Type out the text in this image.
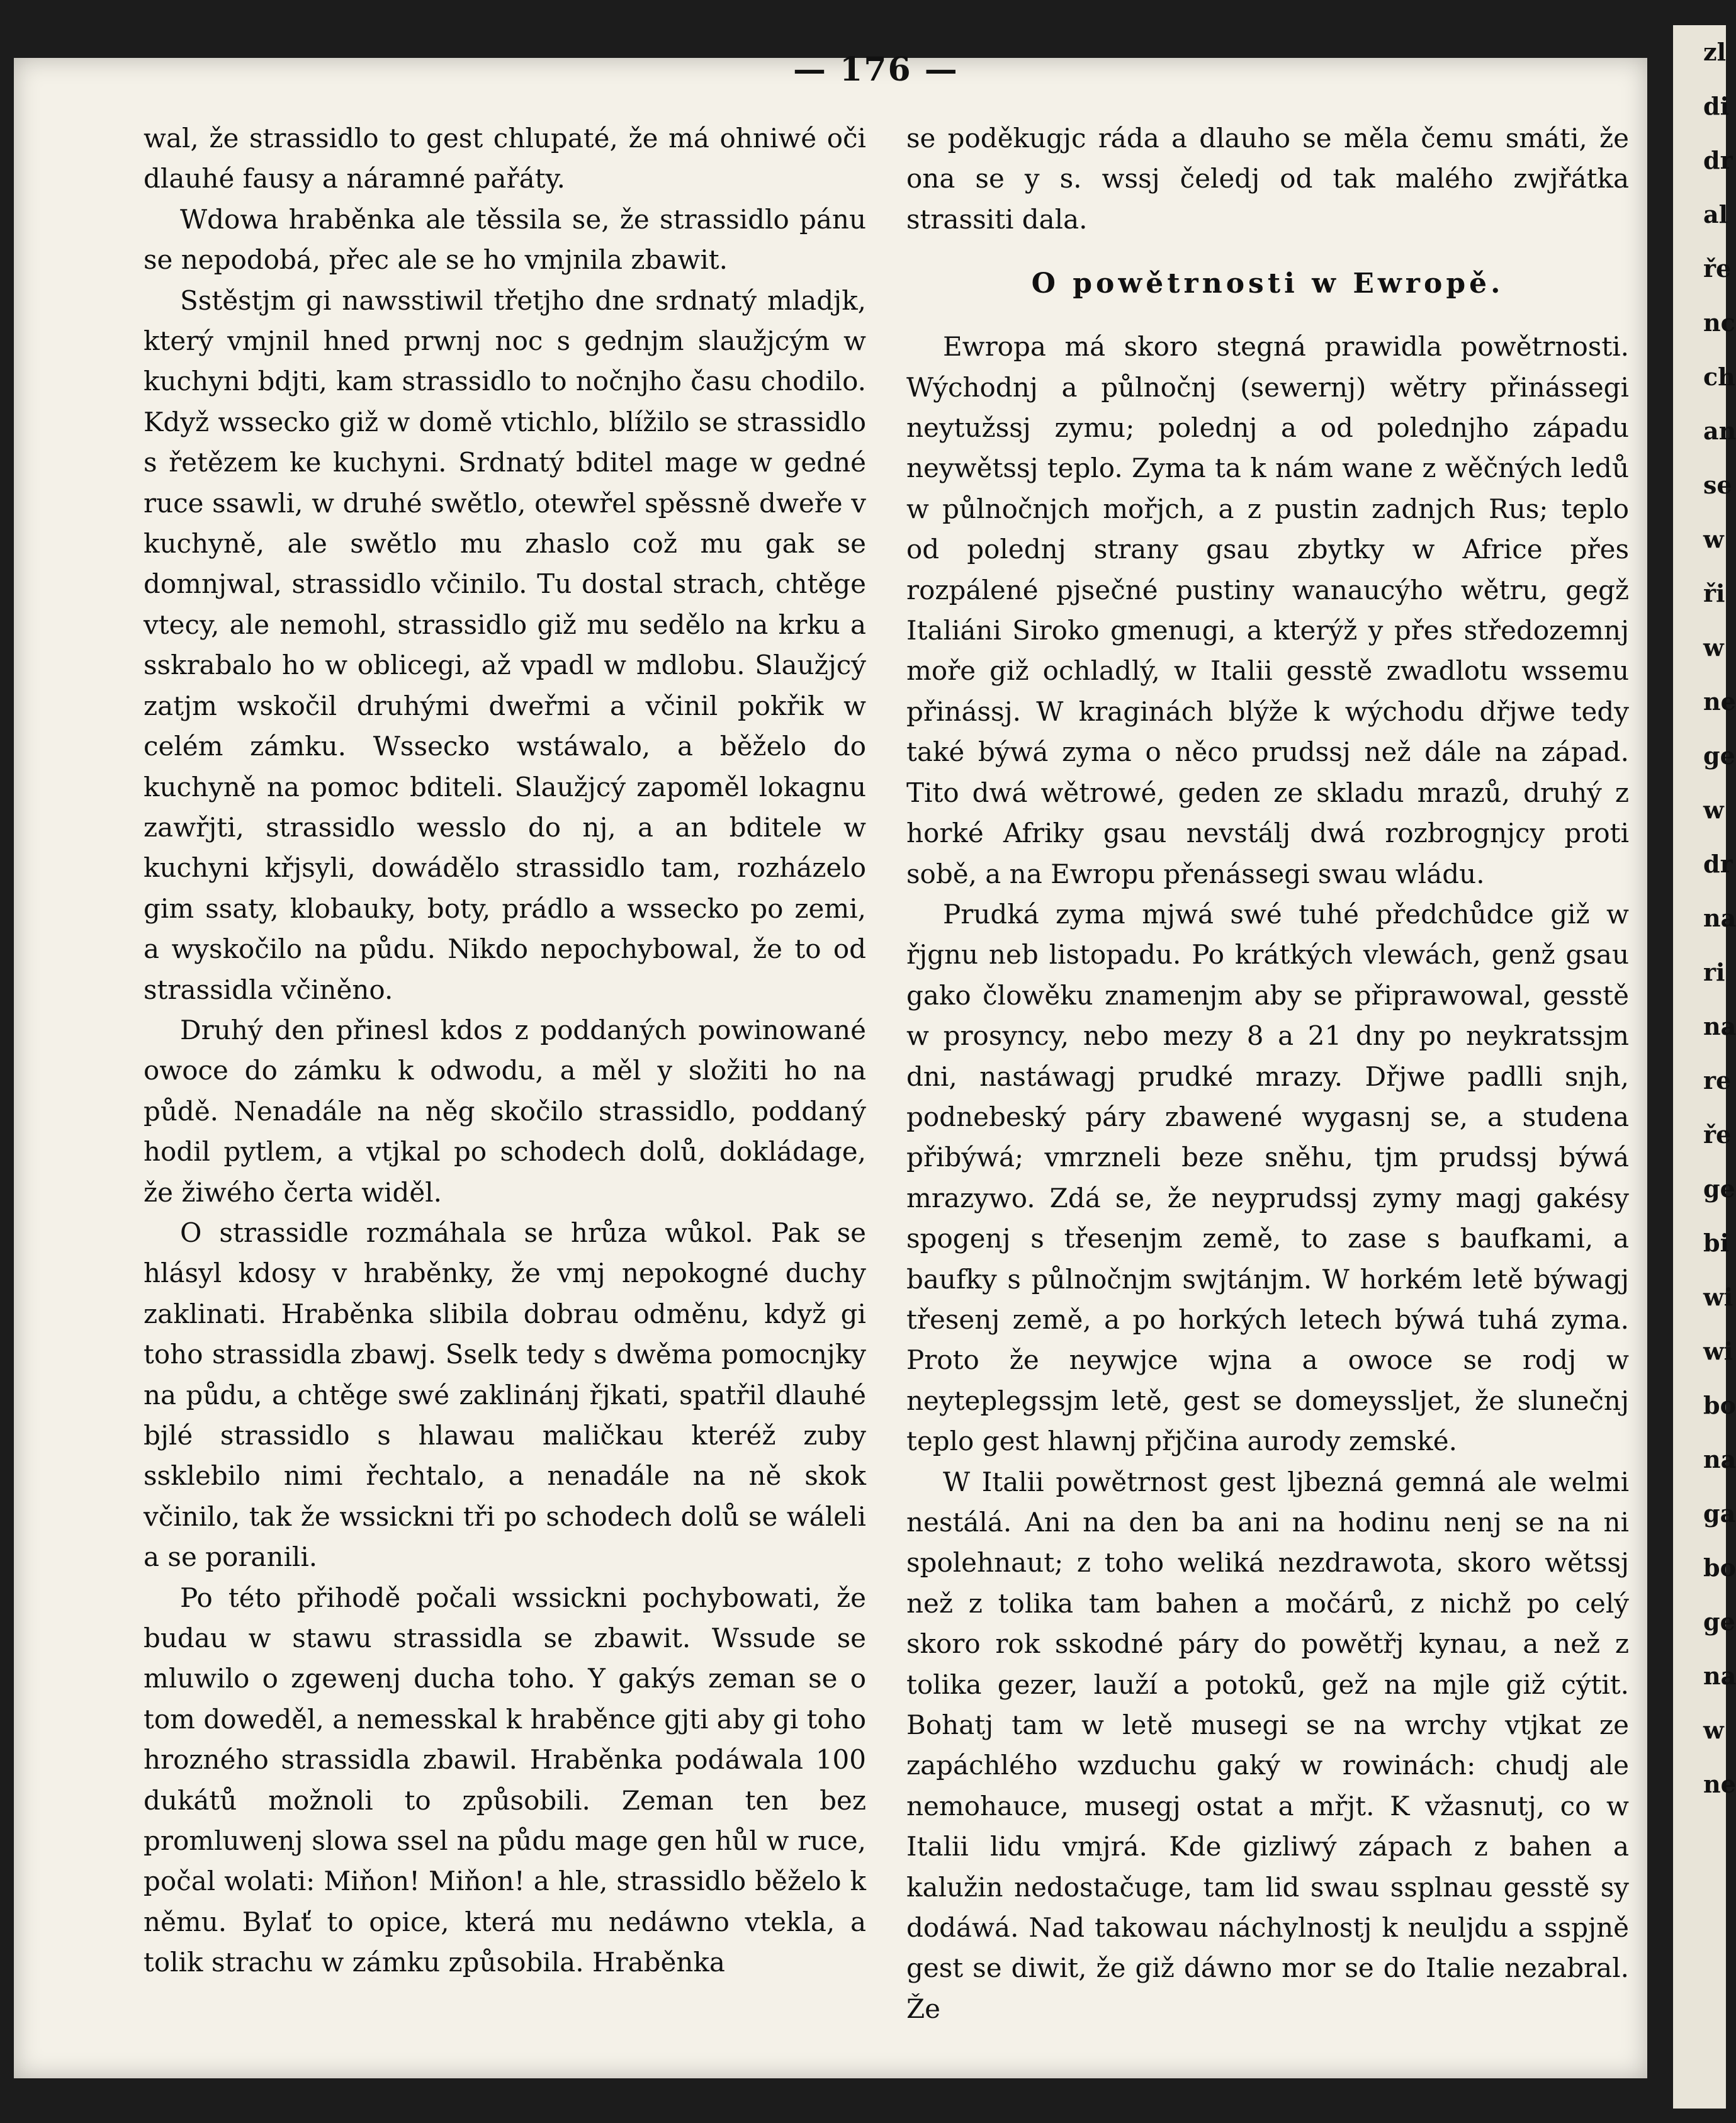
zl
di
dr
al
ře
nc
ch
an
se
w
ři
w
ne
ge
w
dr
na
ri
na
re
ře
ge
bi
wi
wi
bo
na
ga
bo
ge
na
w
ne
— 176 —

wal, že strassidlo to gest chlupaté, že má ohniwé oči dlauhé fausy a náramné pařáty.

Wdowa hraběnka ale těssila se, že strassidlo pánu se nepodobá, přec ale se ho vmjnila zbawit.

Sstěstjm gi nawsstiwil třetjho dne srdnatý mladjk, který vmjnil hned prwnj noc s gednjm slaužjcým w kuchyni bdjti, kam strassidlo to nočnjho času chodilo. Když wssecko giž w domě vtichlo, blížilo se strassidlo s řetězem ke kuchyni. Srdnatý bditel mage w gedné ruce ssawli, w druhé swětlo, otewřel spěssně dweře v kuchyně, ale swětlo mu zhaslo což mu gak se domnjwal, strassidlo včinilo. Tu dostal strach, chtěge vtecy, ale nemohl, strassidlo giž mu sedělo na krku a sskrabalo ho w oblicegi, až vpadl w mdlobu. Slaužjcý zatjm wskočil druhými dweřmi a včinil pokřik w celém zámku. Wssecko wstáwalo, a běželo do kuchyně na pomoc bditeli. Slaužjcý zapoměl lokagnu zawřjti, strassidlo wesslo do nj, a an bditele w kuchyni křjsyli, dowádělo strassidlo tam, rozházelo gim ssaty, klobauky, boty, prádlo a wssecko po zemi, a wyskočilo na půdu. Nikdo nepochybowal, že to od strassidla včiněno.

Druhý den přinesl kdos z poddaných powinowané owoce do zámku k odwodu, a měl y složiti ho na půdě. Nenadále na něg skočilo strassidlo, poddaný hodil pytlem, a vtjkal po schodech dolů, dokládage, že žiwého čerta widěl.

O strassidle rozmáhala se hrůza wůkol. Pak se hlásyl kdosy v hraběnky, že vmj nepokogné duchy zaklinati. Hraběnka slibila dobrau odměnu, když gi toho strassidla zbawj. Sselk tedy s dwěma pomocnjky na půdu, a chtěge swé zaklinánj řjkati, spatřil dlauhé bjlé strassidlo s hlawau maličkau kteréž zuby ssklebilo nimi řechtalo, a nenadále na ně skok včinilo, tak že wssickni tři po schodech dolů se wáleli a se poranili.

Po této přihodě počali wssickni pochybowati, že budau w stawu strassidla se zbawit. Wssude se mluwilo o zgewenj ducha toho. Y gakýs zeman se o tom doweděl, a nemesskal k hraběnce gjti aby gi toho hrozného strassidla zbawil. Hraběnka podáwala 100 dukátů možnoli to způsobili. Zeman ten bez promluwenj slowa ssel na půdu mage gen hůl w ruce, počal wolati: Miňon! Miňon! a hle, strassidlo běželo k němu. Bylať to opice, která mu nedáwno vtekla, a tolik strachu w zámku způsobila. Hraběnka

se poděkugjc ráda a dlauho se měla čemu smáti, že ona se y s. wssj čeledj od tak malého zwjřátka strassiti dala.

O powětrnosti w Ewropě.

Ewropa má skoro stegná prawidla powětrnosti. Wýchodnj a půlnočnj (sewernj) wětry přinássegi neytužssj zymu; polednj a od polednjho západu neywětssj teplo. Zyma ta k nám wane z wěčných ledů w půlnočnjch mořjch, a z pustin zadnjch Rus; teplo od polednj strany gsau zbytky w Africe přes rozpálené pjsečné pustiny wanaucýho wětru, gegž Italiáni Siroko gmenugi, a kterýž y přes středozemnj moře giž ochladlý, w Italii gesstě zwadlotu wssemu přinássj. W kraginách blýže k wýchodu dřjwe tedy také býwá zyma o něco prudssj než dále na západ. Tito dwá wětrowé, geden ze skladu mrazů, druhý z horké Afriky gsau nevstálj dwá rozbrognjcy proti sobě, a na Ewropu přenássegi swau wládu.

Prudká zyma mjwá swé tuhé předchůdce giž w řjgnu neb listopadu. Po krátkých vlewách, genž gsau gako člowěku znamenjm aby se připrawowal, gesstě w prosyncy, nebo mezy 8 a 21 dny po neykratssjm dni, nastáwagj prudké mrazy. Dřjwe padlli snjh, podnebeský páry zbawené wygasnj se, a studena přibýwá; vmrzneli beze sněhu, tjm prudssj býwá mrazywo. Zdá se, že neyprudssj zymy magj gakésy spogenj s třesenjm země, to zase s baufkami, a baufky s půlnočnjm swjtánjm. W horkém letě býwagj třesenj země, a po horkých letech býwá tuhá zyma. Proto že neywjce wjna a owoce se rodj w neyteplegssjm letě, gest se domeyssljet, že slunečnj teplo gest hlawnj přjčina aurody zemské.

W Italii powětrnost gest ljbezná gemná ale welmi nestálá. Ani na den ba ani na hodinu nenj se na ni spolehnaut; z toho weliká nezdrawota, skoro wětssj než z tolika tam bahen a močárů, z nichž po celý skoro rok sskodné páry do powětřj kynau, a než z tolika gezer, lauží a potoků, gež na mjle giž cýtit. Bohatj tam w letě musegi se na wrchy vtjkat ze zapáchlého wzduchu gaký w rowinách: chudj ale nemohauce, musegj ostat a mřjt. K vžasnutj, co w Italii lidu vmjrá. Kde gizliwý zápach z bahen a kalužin nedostačuge, tam lid swau ssplnau gesstě sy dodáwá. Nad takowau náchylnostj k neuljdu a sspjně gest se diwit, že giž dáwno mor se do Italie nezabral. Že
